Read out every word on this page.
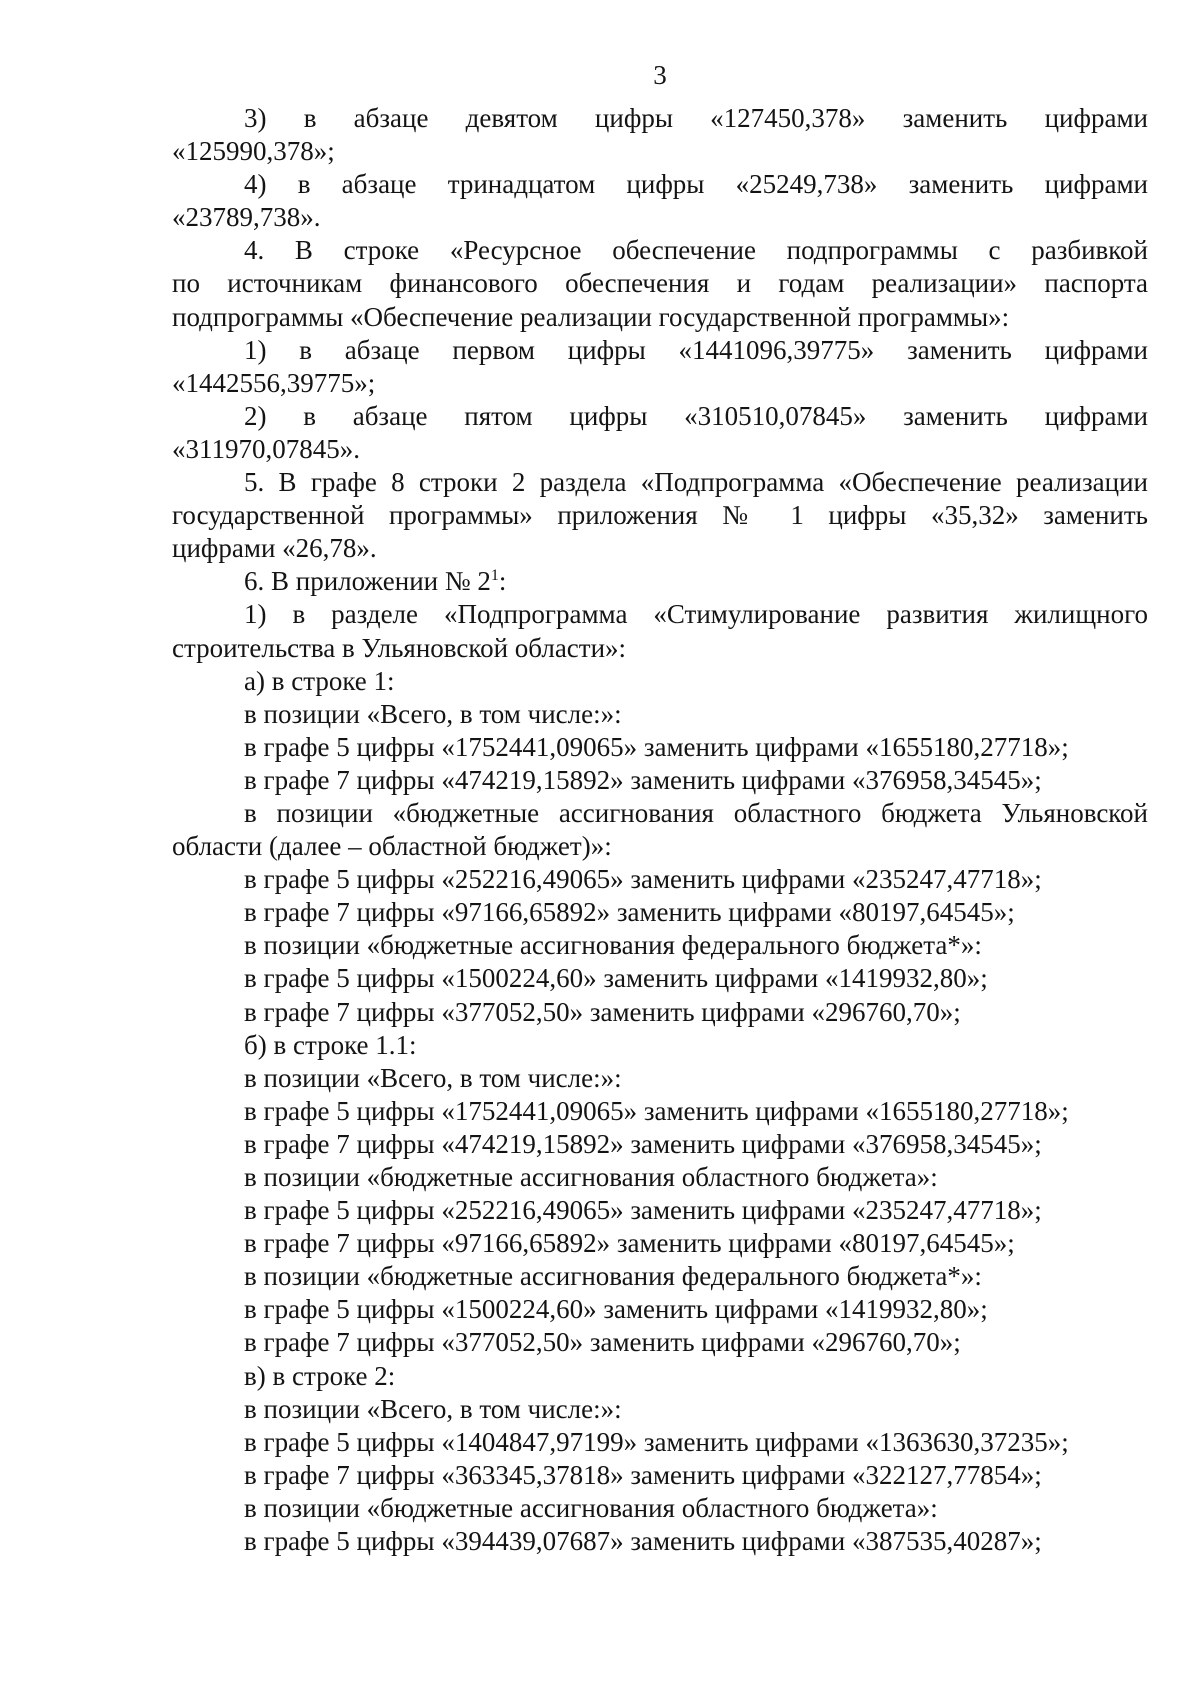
3
3) в абзаце девятом цифры «127450,378» заменить цифрами
«125990,378»;
4) в абзаце тринадцатом цифры «25249,738» заменить цифрами
«23789,738».
4. В строке «Ресурсное обеспечение подпрограммы с разбивкой
по источникам финансового обеспечения и годам реализации» паспорта
подпрограммы «Обеспечение реализации государственной программы»:
1) в абзаце первом цифры «1441096,39775» заменить цифрами
«1442556,39775»;
2) в абзаце пятом цифры «310510,07845» заменить цифрами
«311970,07845».
5. В графе 8 строки 2 раздела «Подпрограмма «Обеспечение реализации
государственной программы» приложения № 1 цифры «35,32» заменить
цифрами «26,78».
6. В приложении № $2^1$:
1) в разделе «Подпрограмма «Стимулирование развития жилищного
строительства в Ульяновской области»:
а) в строке 1:
в позиции «Всего, в том числе:»:
в графе 5 цифры «1752441,09065» заменить цифрами «1655180,27718»;
в графе 7 цифры «474219,15892» заменить цифрами «376958,34545»;
в позиции «бюджетные ассигнования областного бюджета Ульяновской
области (далее – областной бюджет)»:
в графе 5 цифры «252216,49065» заменить цифрами «235247,47718»;
в графе 7 цифры «97166,65892» заменить цифрами «80197,64545»;
в позиции «бюджетные ассигнования федерального бюджета*»:
в графе 5 цифры «1500224,60» заменить цифрами «1419932,80»;
в графе 7 цифры «377052,50» заменить цифрами «296760,70»;
б) в строке 1.1:
в позиции «Всего, в том числе:»:
в графе 5 цифры «1752441,09065» заменить цифрами «1655180,27718»;
в графе 7 цифры «474219,15892» заменить цифрами «376958,34545»;
в позиции «бюджетные ассигнования областного бюджета»:
в графе 5 цифры «252216,49065» заменить цифрами «235247,47718»;
в графе 7 цифры «97166,65892» заменить цифрами «80197,64545»;
в позиции «бюджетные ассигнования федерального бюджета*»:
в графе 5 цифры «1500224,60» заменить цифрами «1419932,80»;
в графе 7 цифры «377052,50» заменить цифрами «296760,70»;
в) в строке 2:
в позиции «Всего, в том числе:»:
в графе 5 цифры «1404847,97199» заменить цифрами «1363630,37235»;
в графе 7 цифры «363345,37818» заменить цифрами «322127,77854»;
в позиции «бюджетные ассигнования областного бюджета»:
в графе 5 цифры «394439,07687» заменить цифрами «387535,40287»;
